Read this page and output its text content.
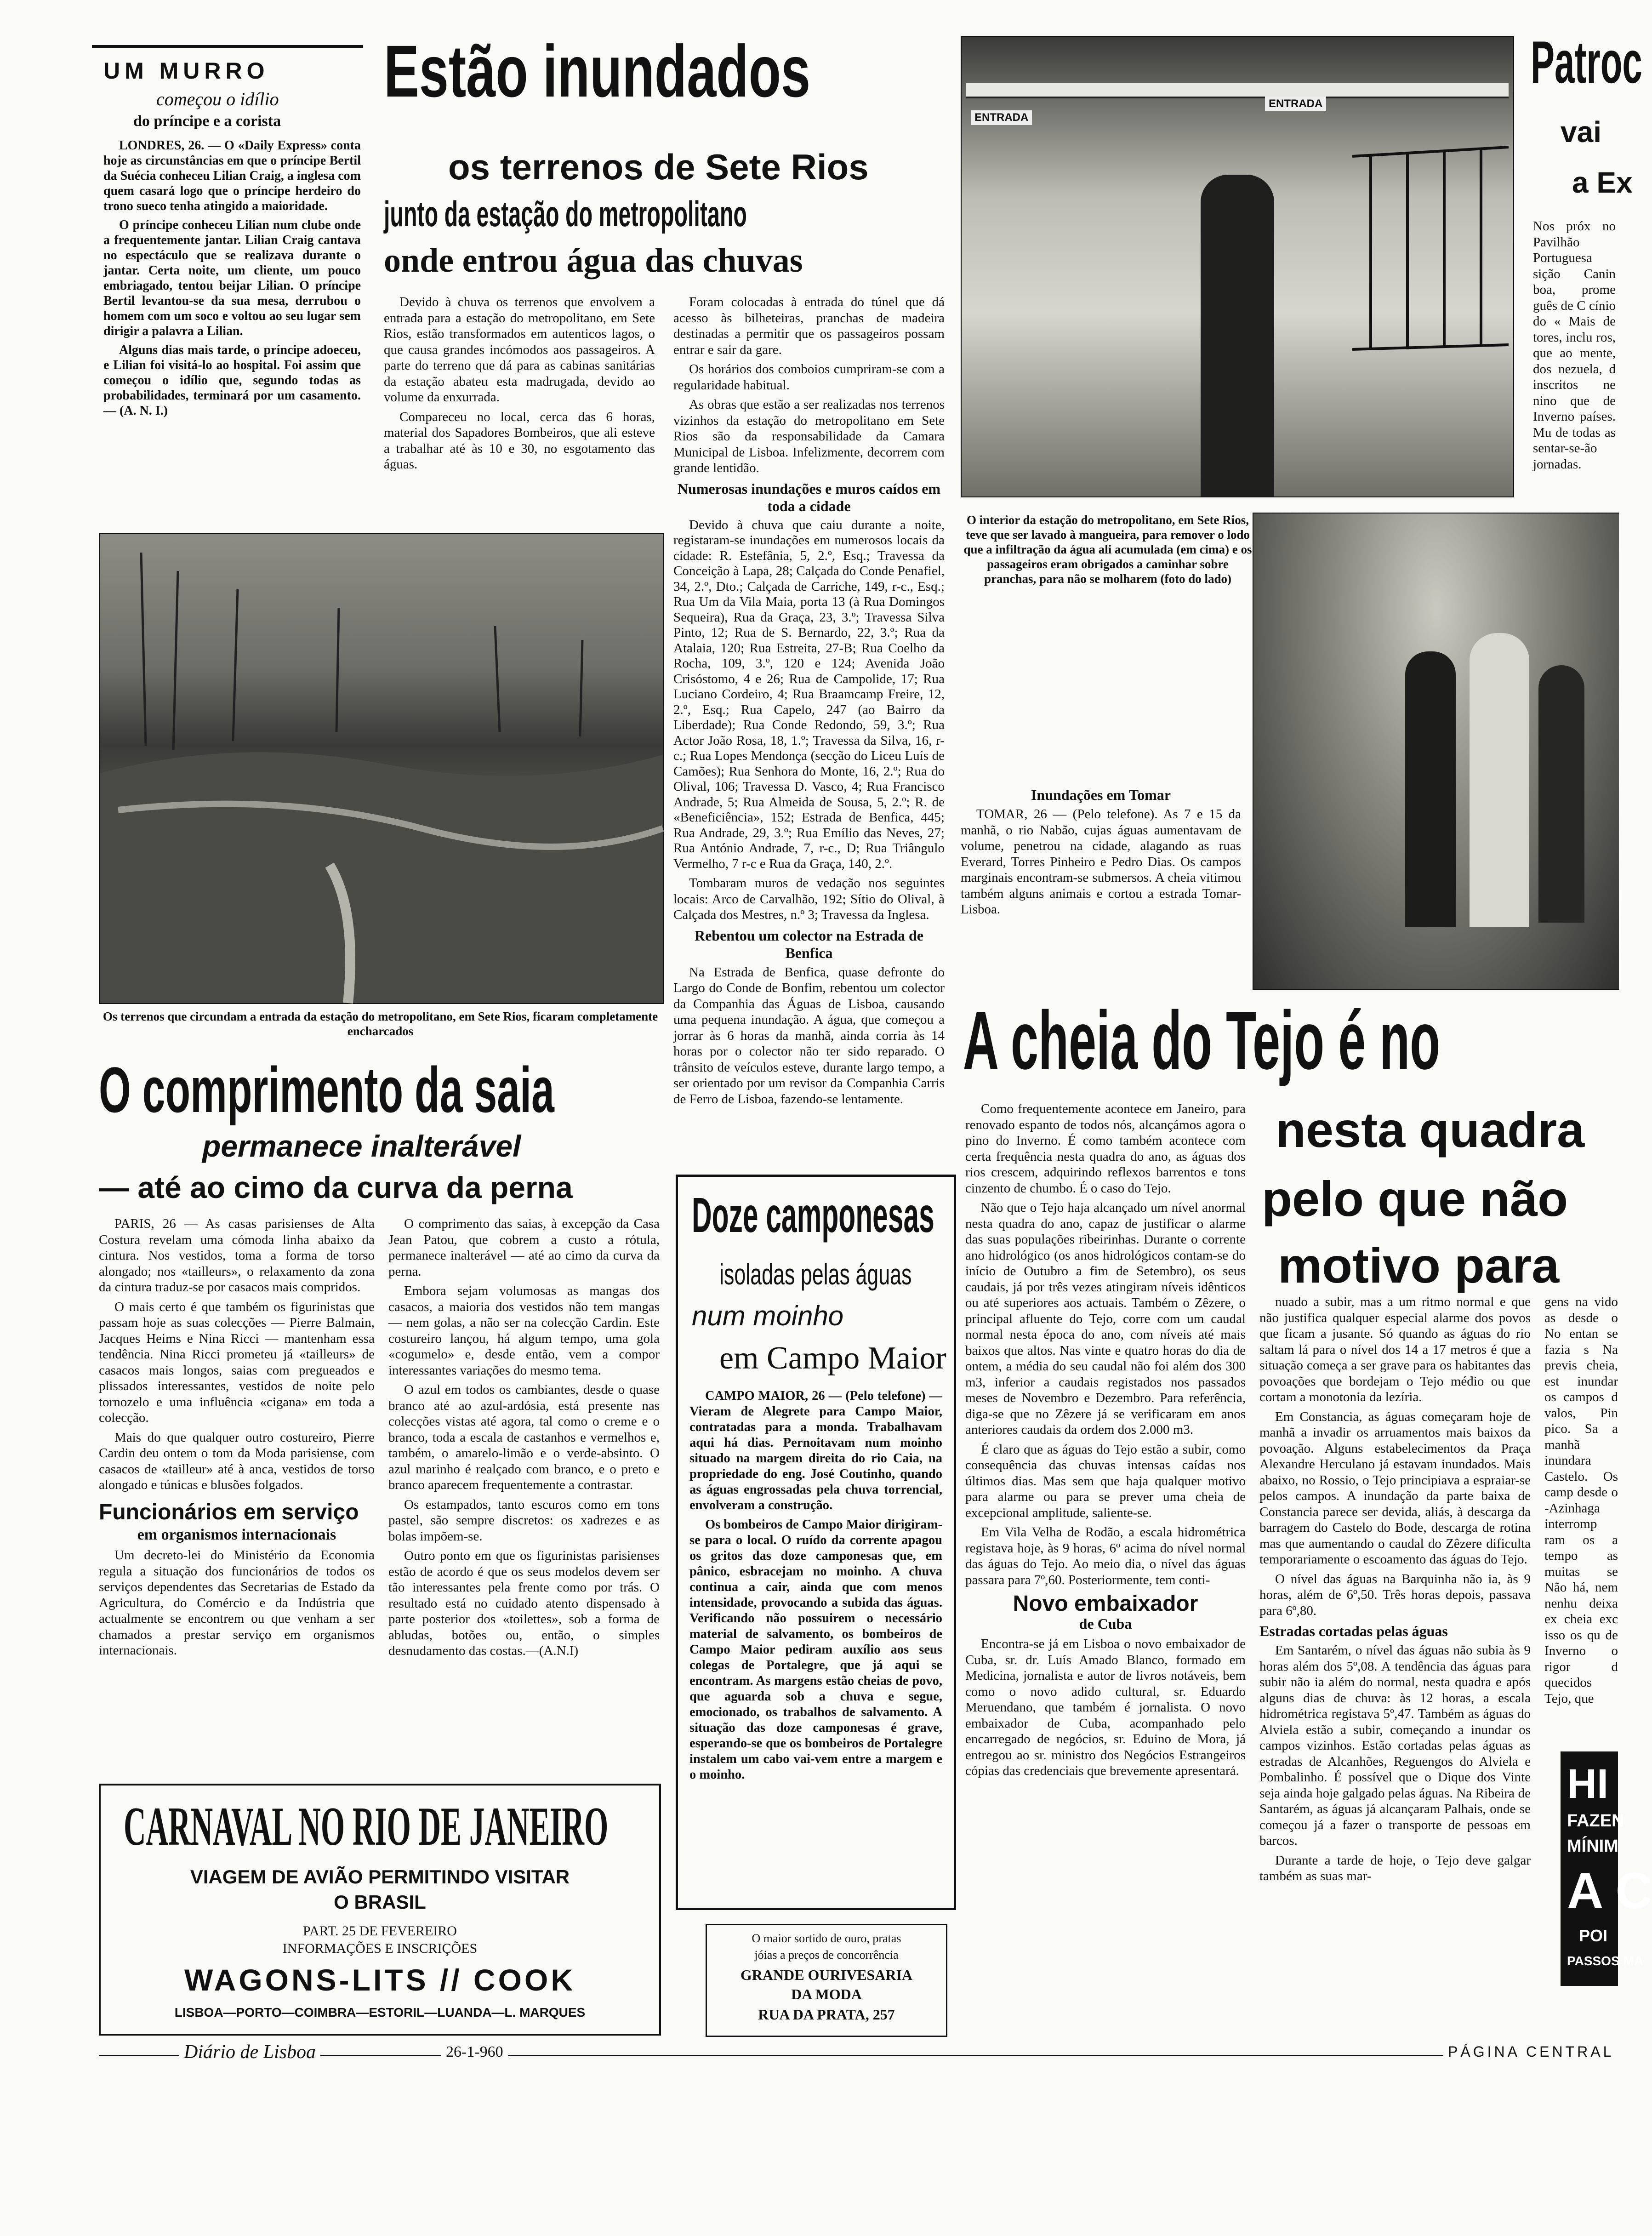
UM MURRO
começou o idílio
do príncipe e a corista

LONDRES, 26. — O «Daily Express» conta hoje as circunstâncias em que o príncipe Bertil da Suécia conheceu Lilian Craig, a inglesa com quem casará logo que o príncipe herdeiro do trono sueco tenha atingido a maioridade.

O príncipe conheceu Lilian num clube onde a frequentemente jantar. Lilian Craig cantava no espectáculo que se realizava durante o jantar. Certa noite, um cliente, um pouco embriagado, tentou beijar Lilian. O príncipe Bertil levantou-se da sua mesa, derrubou o homem com um soco e voltou ao seu lugar sem dirigir a palavra a Lilian.

Alguns dias mais tarde, o príncipe adoeceu, e Lilian foi visitá-lo ao hospital. Foi assim que começou o idílio que, segundo todas as probabilidades, terminará por um casamento. — (A. N. I.)

Estão inundados
os terrenos de Sete Rios
junto da estação do metropolitano
onde entrou água das chuvas

Devido à chuva os terrenos que envolvem a entrada para a estação do metropolitano, em Sete Rios, estão transformados em autenticos lagos, o que causa grandes incómodos aos passageiros. A parte do terreno que dá para as cabinas sanitárias da estação abateu esta madrugada, devido ao volume da enxurrada.

Compareceu no local, cerca das 6 horas, material dos Sapadores Bombeiros, que ali esteve a trabalhar até às 10 e 30, no esgotamento das águas.

Foram colocadas à entrada do túnel que dá acesso às bilheteiras, pranchas de madeira destinadas a permitir que os passageiros possam entrar e sair da gare.

Os horários dos comboios cumpriram-se com a regularidade habitual.

As obras que estão a ser realizadas nos terrenos vizinhos da estação do metropolitano em Sete Rios são da responsabilidade da Camara Municipal de Lisboa. Infelizmente, decorrem com grande lentidão.

Numerosas inundações e muros caídos em toda a cidade

Devido à chuva que caiu durante a noite, registaram-se inundações em numerosos locais da cidade: R. Estefânia, 5, 2.º, Esq.; Travessa da Conceição à Lapa, 28; Calçada do Conde Penafiel, 34, 2.º, Dto.; Calçada de Carriche, 149, r-c., Esq.; Rua Um da Vila Maia, porta 13 (à Rua Domingos Sequeira), Rua da Graça, 23, 3.º; Travessa Silva Pinto, 12; Rua de S. Bernardo, 22, 3.º; Rua da Atalaia, 120; Rua Estreita, 27-B; Rua Coelho da Rocha, 109, 3.º, 120 e 124; Avenida João Crisóstomo, 4 e 26; Rua de Campolide, 17; Rua Luciano Cordeiro, 4; Rua Braamcamp Freire, 12, 2.º, Esq.; Rua Capelo, 247 (ao Bairro da Liberdade); Rua Conde Redondo, 59, 3.º; Rua Actor João Rosa, 18, 1.º; Travessa da Silva, 16, r-c.; Rua Lopes Mendonça (secção do Liceu Luís de Camões); Rua Senhora do Monte, 16, 2.º; Rua do Olival, 106; Travessa D. Vasco, 4; Rua Francisco Andrade, 5; Rua Almeida de Sousa, 5, 2.º; R. de «Beneficiência», 152; Estrada de Benfica, 445; Rua Andrade, 29, 3.º; Rua Emílio das Neves, 27; Rua António Andrade, 7, r-c., D; Rua Triângulo Vermelho, 7 r-c e Rua da Graça, 140, 2.º.

Tombaram muros de vedação nos seguintes locais: Arco de Carvalhão, 192; Sítio do Olival, à Calçada dos Mestres, n.º 3; Travessa da Inglesa.

Rebentou um colector na Estrada de Benfica

Na Estrada de Benfica, quase defronte do Largo do Conde de Bonfim, rebentou um colector da Companhia das Águas de Lisboa, causando uma pequena inundação. A água, que começou a jorrar às 6 horas da manhã, ainda corria às 14 horas por o colector não ter sido reparado. O trânsito de veículos esteve, durante largo tempo, a ser orientado por um revisor da Companhia Carris de Ferro de Lisboa, fazendo-se lentamente.

Os terrenos que circundam a entrada da estação do metropolitano, em Sete Rios, ficaram completamente encharcados
ENTRADA
ENTRADA
O interior da estação do metropolitano, em Sete Rios, teve que ser lavado à mangueira, para remover o lodo que a infiltração da água ali acumulada (em cima) e os passageiros eram obrigados a caminhar sobre pranchas, para não se molharem (foto do lado)
Patroc
vai
a Ex

Nos próx no Pavilhão Portuguesa sição Canin boa, prome guês de C cínio do « Mais de tores, inclu ros, que ao mente, dos nezuela, d inscritos ne nino que de Inverno países. Mu de todas as sentar-se-ão jornadas.

Inundações em Tomar

TOMAR, 26 — (Pelo telefone). As 7 e 15 da manhã, o rio Nabão, cujas águas aumentavam de volume, penetrou na cidade, alagando as ruas Everard, Torres Pinheiro e Pedro Dias. Os campos marginais encontram-se submersos. A cheia vitimou também alguns animais e cortou a estrada Tomar-Lisboa.

O comprimento da saia
permanece inalterável
— até ao cimo da curva da perna

PARIS, 26 — As casas parisienses de Alta Costura revelam uma cómoda linha abaixo da cintura. Nos vestidos, toma a forma de torso alongado; nos «tailleurs», o relaxamento da zona da cintura traduz-se por casacos mais compridos.

O mais certo é que também os figurinistas que passam hoje as suas colecções — Pierre Balmain, Jacques Heims e Nina Ricci — mantenham essa tendência. Nina Ricci prometeu já «tailleurs» de casacos mais longos, saias com pregueados e plissados interessantes, vestidos de noite pelo tornozelo e uma influência «cigana» em toda a colecção.

Mais do que qualquer outro costureiro, Pierre Cardin deu ontem o tom da Moda parisiense, com casacos de «tailleur» até à anca, vestidos de torso alongado e túnicas e blusões folgados.

Funcionários em serviço
em organismos internacionais

Um decreto-lei do Ministério da Economia regula a situação dos funcionários de todos os serviços dependentes das Secretarias de Estado da Agricultura, do Comércio e da Indústria que actualmente se encontrem ou que venham a ser chamados a prestar serviço em organismos internacionais.

O comprimento das saias, à excepção da Casa Jean Patou, que cobrem a custo a rótula, permanece inalterável — até ao cimo da curva da perna.

Embora sejam volumosas as mangas dos casacos, a maioria dos vestidos não tem mangas — nem golas, a não ser na colecção Cardin. Este costureiro lançou, há algum tempo, uma gola «cogumelo» e, desde então, vem a compor interessantes variações do mesmo tema.

O azul em todos os cambiantes, desde o quase branco até ao azul-ardósia, está presente nas colecções vistas até agora, tal como o creme e o branco, toda a escala de castanhos e vermelhos e, também, o amarelo-limão e o verde-absinto. O azul marinho é realçado com branco, e o preto e branco aparecem frequentemente a contrastar.

Os estampados, tanto escuros como em tons pastel, são sempre discretos: os xadrezes e as bolas impõem-se.

Outro ponto em que os figurinistas parisienses estão de acordo é que os seus modelos devem ser tão interessantes pela frente como por trás. O resultado está no cuidado atento dispensado à parte posterior dos «toilettes», sob a forma de abludas, botões ou, então, o simples desnudamento das costas.—(A.N.I)

CARNAVAL NO RIO DE JANEIRO
VIAGEM DE AVIÃO PERMITINDO VISITAR
O BRASIL
PART. 25 DE FEVEREIRO
INFORMAÇÕES E INSCRIÇÕES
WAGONS-LITS // COOK
LISBOA—PORTO—COIMBRA—ESTORIL—LUANDA—L. MARQUES
Doze camponesas
isoladas pelas águas
num moinho
em Campo Maior

CAMPO MAIOR, 26 — (Pelo telefone) — Vieram de Alegrete para Campo Maior, contratadas para a monda. Trabalhavam aqui há dias. Pernoitavam num moinho situado na margem direita do rio Caia, na propriedade do eng. José Coutinho, quando as águas engrossadas pela chuva torrencial, envolveram a construção.

Os bombeiros de Campo Maior dirigiram-se para o local. O ruído da corrente apagou os gritos das doze camponesas que, em pânico, esbracejam no moinho. A chuva continua a cair, ainda que com menos intensidade, provocando a subida das águas. Verificando não possuirem o necessário material de salvamento, os bombeiros de Campo Maior pediram auxílio aos seus colegas de Portalegre, que já aqui se encontram. As margens estão cheias de povo, que aguarda sob a chuva e segue, emocionado, os trabalhos de salvamento. A situação das doze camponesas é grave, esperando-se que os bombeiros de Portalegre instalem um cabo vai-vem entre a margem e o moinho.

O maior sortido de ouro, pratas
jóias a preços de concorrência
GRANDE OURIVESARIA
DA MODA
RUA DA PRATA, 257
A cheia do Tejo é no
nesta quadra
pelo que não
motivo para

Como frequentemente acontece em Janeiro, para renovado espanto de todos nós, alcançámos agora o pino do Inverno. É como também acontece com certa frequência nesta quadra do ano, as águas dos rios crescem, adquirindo reflexos barrentos e tons cinzento de chumbo. É o caso do Tejo.

Não que o Tejo haja alcançado um nível anormal nesta quadra do ano, capaz de justificar o alarme das suas populações ribeirinhas. Durante o corrente ano hidrológico (os anos hidrológicos contam-se do início de Outubro a fim de Setembro), os seus caudais, já por três vezes atingiram níveis idênticos ou até superiores aos actuais. Também o Zêzere, o principal afluente do Tejo, corre com um caudal normal nesta época do ano, com níveis até mais baixos que altos. Nas vinte e quatro horas do dia de ontem, a média do seu caudal não foi além dos 300 m3, inferior a caudais registados nos passados meses de Novembro e Dezembro. Para referência, diga-se que no Zêzere já se verificaram em anos anteriores caudais da ordem dos 2.000 m3.

É claro que as águas do Tejo estão a subir, como consequência das chuvas intensas caídas nos últimos dias. Mas sem que haja qualquer motivo para alarme ou para se prever uma cheia de excepcional amplitude, saliente-se.

Em Vila Velha de Rodão, a escala hidrométrica registava hoje, às 9 horas, 6º acima do nível normal das águas do Tejo. Ao meio dia, o nível das águas passara para 7º,60. Posteriormente, tem conti-

Novo embaixador
de Cuba

Encontra-se já em Lisboa o novo embaixador de Cuba, sr. dr. Luís Amado Blanco, formado em Medicina, jornalista e autor de livros notáveis, bem como o novo adido cultural, sr. Eduardo Meruendano, que também é jornalista. O novo embaixador de Cuba, acompanhado pelo encarregado de negócios, sr. Eduino de Mora, já entregou ao sr. ministro dos Negócios Estrangeiros cópias das credenciais que brevemente apresentará.

nuado a subir, mas a um ritmo normal e que não justifica qualquer especial alarme dos povos que ficam a jusante. Só quando as águas do rio saltam lá para o nível dos 14 a 17 metros é que a situação começa a ser grave para os habitantes das povoações que bordejam o Tejo médio ou que cortam a monotonia da lezíria.

Em Constancia, as águas começaram hoje de manhã a invadir os arruamentos mais baixos da povoação. Alguns estabelecimentos da Praça Alexandre Herculano já estavam inundados. Mais abaixo, no Rossio, o Tejo principiava a espraiar-se pelos campos. A inundação da parte baixa de Constancia parece ser devida, aliás, à descarga da barragem do Castelo do Bode, descarga de rotina mas que aumentando o caudal do Zêzere dificulta temporariamente o escoamento das águas do Tejo.

O nível das águas na Barquinha não ia, às 9 horas, além de 6º,50. Três horas depois, passava para 6º,80.

Estradas cortadas pelas águas

Em Santarém, o nível das águas não subia às 9 horas além dos 5º,08. A tendência das águas para subir não ia além do normal, nesta quadra e após alguns dias de chuva: às 12 horas, a escala hidrométrica registava 5º,47. Também as águas do Alviela estão a subir, começando a inundar os campos vizinhos. Estão cortadas pelas águas as estradas de Alcanhões, Reguengos do Alviela e Pombalinho. É possível que o Dique dos Vinte seja ainda hoje galgado pelas águas. Na Ribeira de Santarém, as águas já alcançaram Palhais, onde se começou já a fazer o transporte de pessoas em barcos.

Durante a tarde de hoje, o Tejo deve galgar também as suas mar-

gens na vido as desde o No entan se fazia s Na previs cheia, est inundar os campos d valos, Pin pico. Sa a manhã inundara Castelo. Os camp desde o -Azinhaga interromp ram os a tempo as muitas se Não há, nem nenhu deixa ex cheia exc isso os qu de Inverno o rigor d quecidos Tejo, que

HI
FAZEN
MÍNIM
A C
POI
PASSOS MA
Diário de Lisboa	26-1-960	PÁGINA CENTRAL
